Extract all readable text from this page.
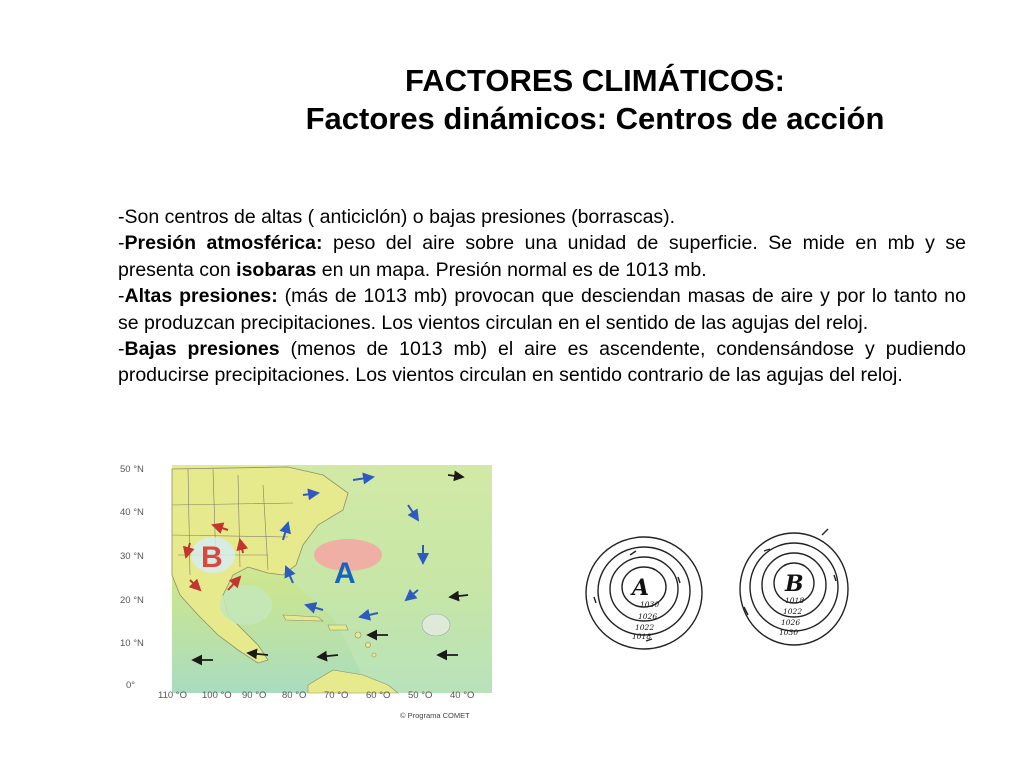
FACTORES CLIMÁTICOS:
Factores dinámicos: Centros de acción

-Son centros de altas ( anticiclón) o bajas presiones (borrascas).

-Presión atmosférica: peso del aire sobre una unidad de superficie. Se mide en mb y se presenta con isobaras en un mapa. Presión normal es de 1013 mb.

-Altas presiones: (más de 1013 mb) provocan que desciendan masas de aire y por lo tanto no se produzcan precipitaciones. Los vientos circulan en el sentido de las agujas del reloj.

-Bajas presiones (menos de 1013 mb) el aire es ascendente, condensándose y pudiendo producirse precipitaciones. Los vientos circulan en sentido contrario de las agujas del reloj.

A
B
50 °N
40 °N
30 °N
20 °N
10 °N
0°
110 °O 100 °O 90 °O 80 °O 70 °O 60 °O 50 °O 40 °O
© Programa COMET
A
1030
1026
1022
1018
B
1018
1022
1026
1030
